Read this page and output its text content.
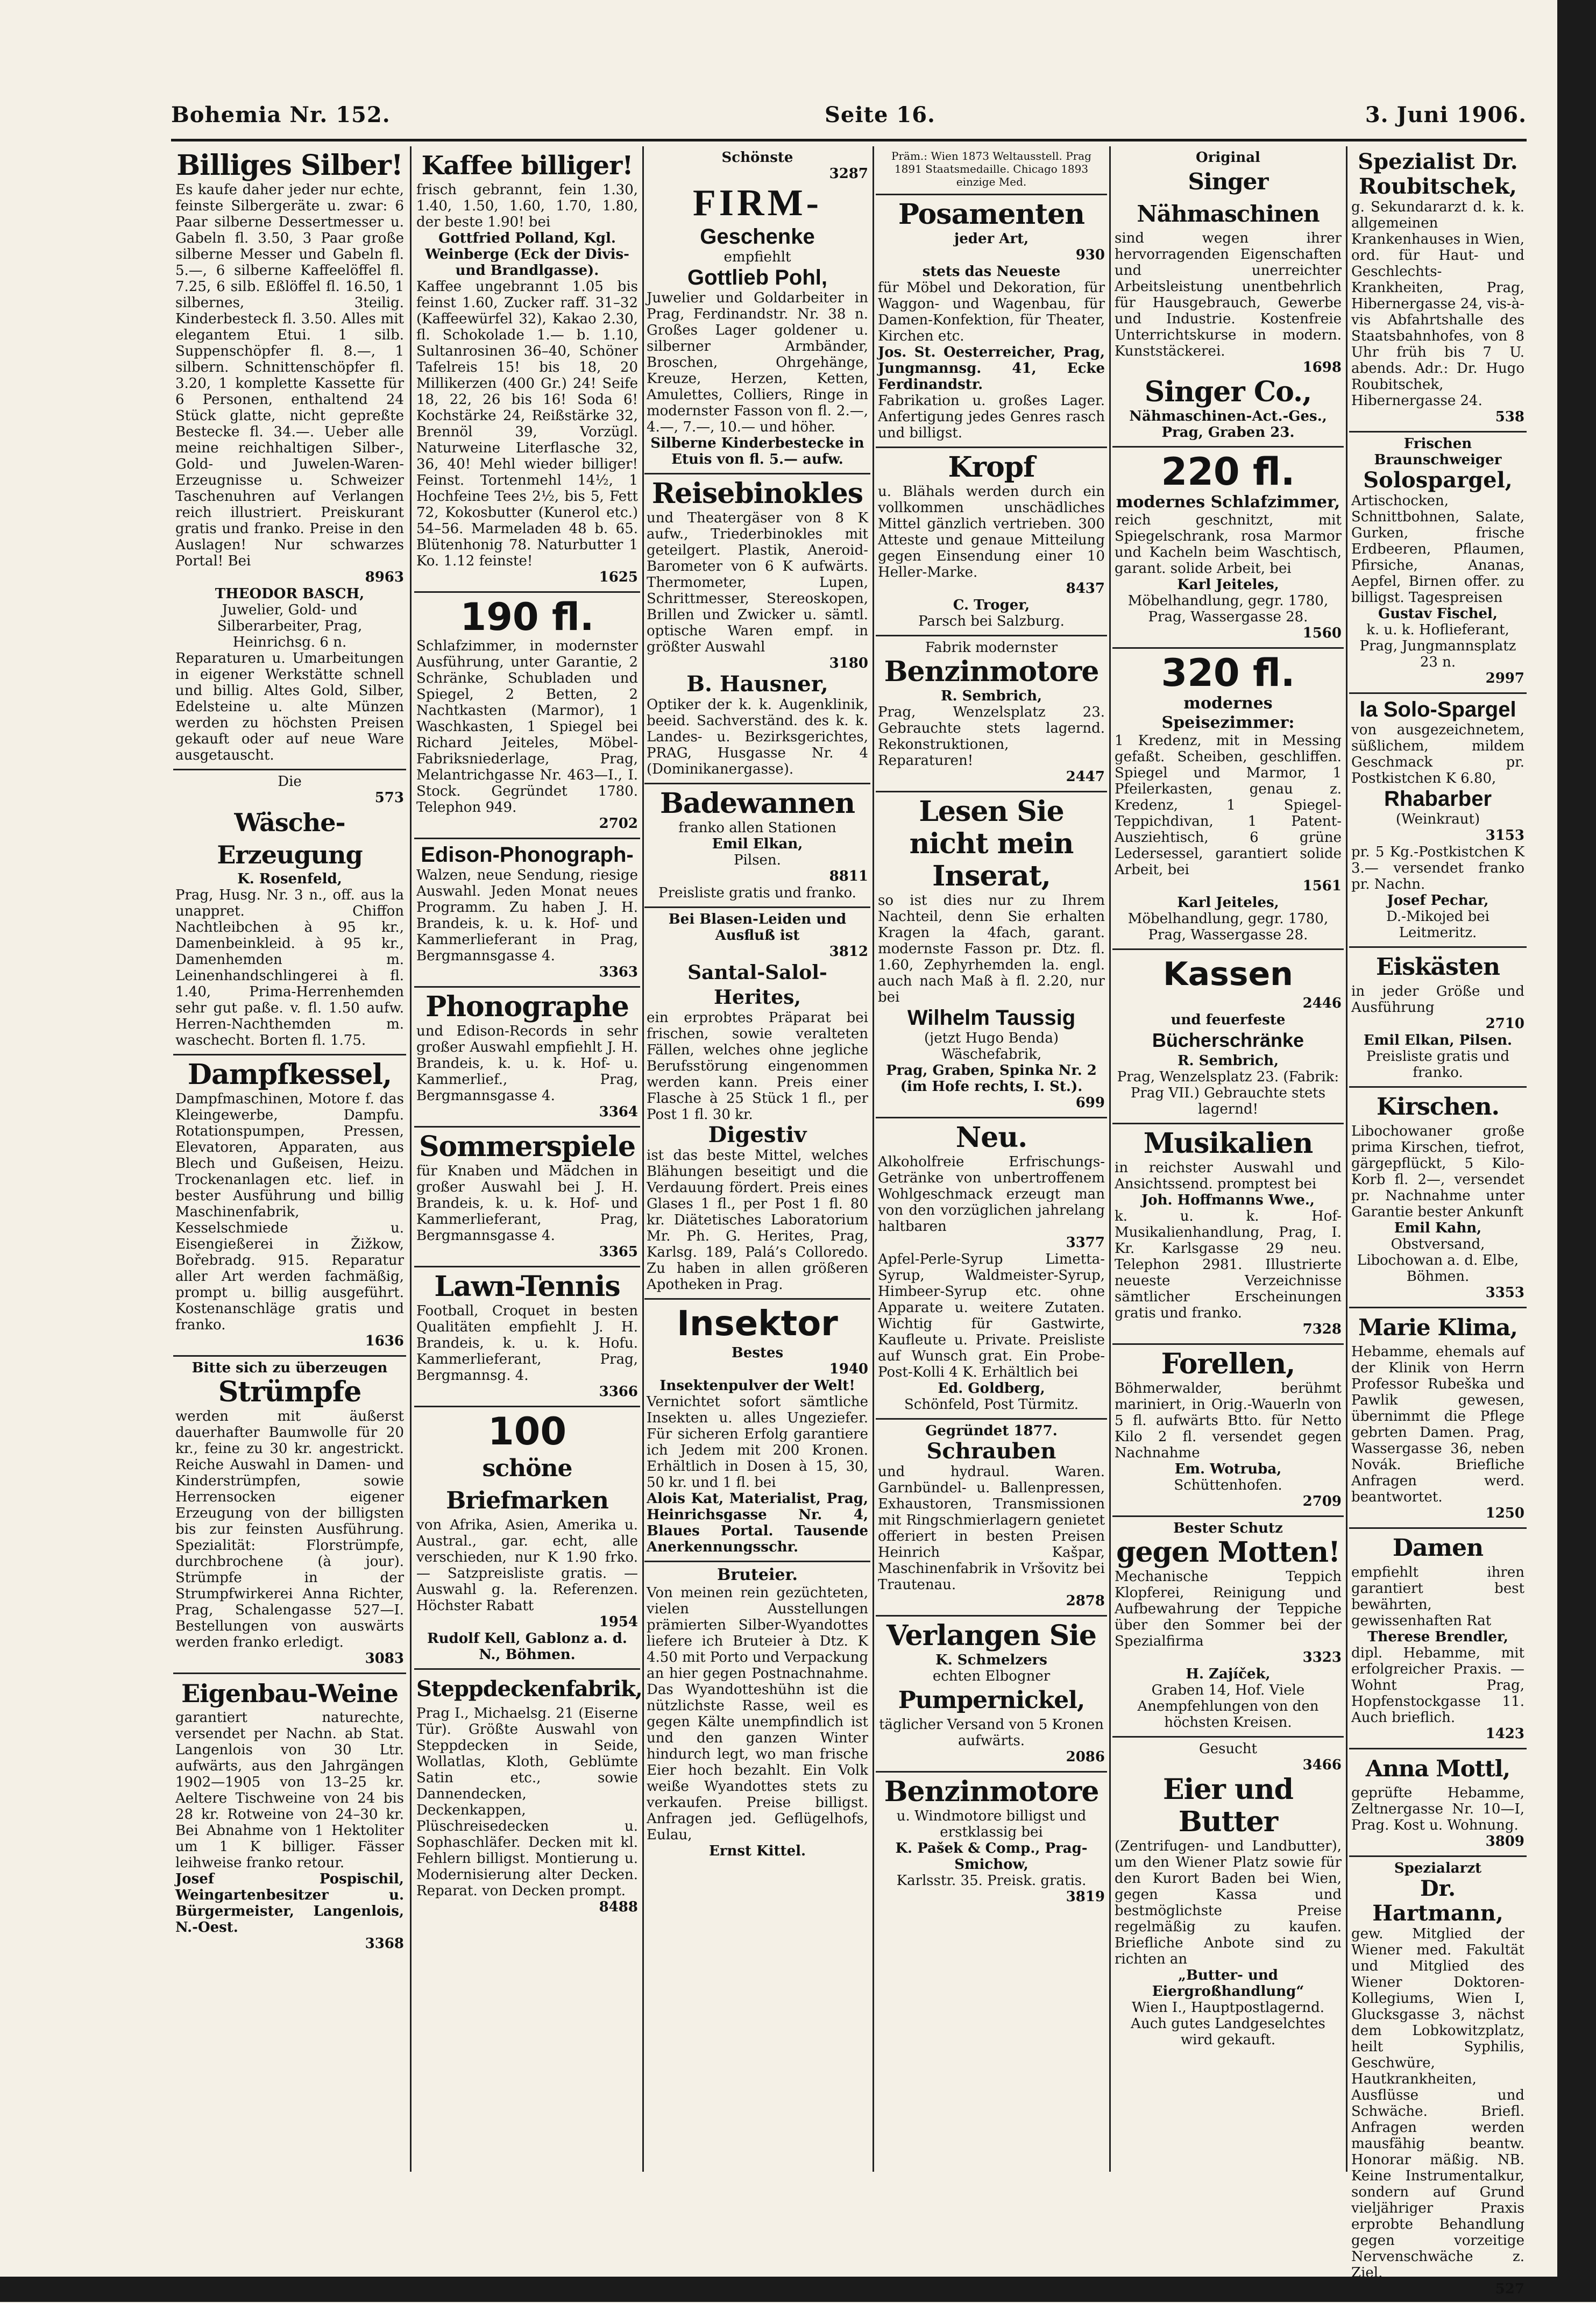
Bohemia Nr. 152.	Seite 16.	3. Juni 1906.
Billiges Silber!
Es kaufe daher jeder nur echte, feinste Silbergeräte u. zwar: 6 Paar silberne Dessertmesser u. Gabeln fl. 3.50, 3 Paar große silberne Messer und Gabeln fl. 5.—, 6 silberne Kaffeelöffel fl. 7.25, 6 silb. Eßlöffel fl. 16.50, 1 silbernes, 3teilig. Kinderbesteck fl. 3.50. Alles mit elegantem Etui. 1 silb. Suppenschöpfer fl. 8.—, 1 silbern. Schnittenschöpfer fl. 3.20, 1 komplette Kassette für 6 Personen, enthaltend 24 Stück glatte, nicht gepreßte Bestecke fl. 34.—. Ueber alle meine reichhaltigen Silber-, Gold- und Juwelen-Waren-Erzeugnisse u. Schweizer Taschenuhren auf Verlangen reich illustriert. Preiskurant gratis und franko. Preise in den Auslagen! Nur schwarzes Portal! Bei
8963
THEODOR BASCH,
Juwelier, Gold- und Silberarbeiter, Prag, Heinrichsg. 6 n.
Reparaturen u. Umarbeitungen in eigener Werkstätte schnell und billig. Altes Gold, Silber, Edelsteine u. alte Münzen werden zu höchsten Preisen gekauft oder auf neue Ware ausgetauscht.
Die
573
Wäsche-Erzeugung
K. Rosenfeld,
Prag, Husg. Nr. 3 n., off. aus la unappret. Chiffon Nachtleibchen à 95 kr., Damenbeinkleid. à 95 kr., Damenhemden m. Leinenhandschlingerei à fl. 1.40, Prima-Herrenhemden sehr gut paße. v. fl. 1.50 aufw. Herren-Nachthemden m. waschecht. Borten fl. 1.75.
Dampfkessel,
Dampfmaschinen, Motore f. das Kleingewerbe, Dampfu. Rotationspumpen, Pressen, Elevatoren, Apparaten, aus Blech und Gußeisen, Heizu. Trockenanlagen etc. lief. in bester Ausführung und billig Maschinenfabrik, Kesselschmiede u. Eisengießerei in Žižkow, Bořebradg. 915. Reparatur aller Art werden fachmäßig, prompt u. billig ausgeführt. Kostenanschläge gratis und franko.
1636
Bitte sich zu überzeugen
Strümpfe
werden mit äußerst dauerhafter Baumwolle für 20 kr., feine zu 30 kr. angestrickt. Reiche Auswahl in Damen- und Kinderstrümpfen, sowie Herrensocken eigener Erzeugung von der billigsten bis zur feinsten Ausführung. Spezialität: Florstrümpfe, durchbrochene (à jour). Strümpfe in der Strumpfwirkerei Anna Richter, Prag, Schalengasse 527—I. Bestellungen von auswärts werden franko erledigt.
3083
Eigenbau-Weine
garantiert naturechte, versendet per Nachn. ab Stat. Langenlois von 30 Ltr. aufwärts, aus den Jahrgängen 1902—1905 von 13–25 kr. Aeltere Tischweine von 24 bis 28 kr. Rotweine von 24–30 kr. Bei Abnahme von 1 Hektoliter um 1 K billiger. Fässer leihweise franko retour.
Josef Pospischil, Weingartenbesitzer u. Bürgermeister, Langenlois, N.-Oest.
3368
Kaffee billiger!
frisch gebrannt, fein 1.30, 1.40, 1.50, 1.60, 1.70, 1.80, der beste 1.90! bei
Gottfried Polland, Kgl. Weinberge (Eck der Divis- und Brandlgasse).
Kaffee ungebrannt 1.05 bis feinst 1.60, Zucker raff. 31–32 (Kaffeewürfel 32), Kakao 2.30, fl. Schokolade 1.— b. 1.10, Sultanrosinen 36–40, Schöner Tafelreis 15! bis 18, 20 Millikerzen (400 Gr.) 24! Seife 18, 22, 26 bis 16! Soda 6! Kochstärke 24, Reißstärke 32, Brennöl 39, Vorzügl. Naturweine Literflasche 32, 36, 40! Mehl wieder billiger! Feinst. Tortenmehl 14½, 1 Hochfeine Tees 2½, bis 5, Fett 72, Kokosbutter (Kunerol etc.) 54–56. Marmeladen 48 b. 65. Blütenhonig 78. Naturbutter 1 Ko. 1.12 feinste!
1625
190 fl.
Schlafzimmer, in modernster Ausführung, unter Garantie, 2 Schränke, Schubladen und Spiegel, 2 Betten, 2 Nachtkasten (Marmor), 1 Waschkasten, 1 Spiegel bei Richard Jeiteles, Möbel-Fabriksniederlage, Prag, Melantrichgasse Nr. 463—I., I. Stock. Gegründet 1780. Telephon 949.
2702
Edison-Phonograph-
Walzen, neue Sendung, riesige Auswahl. Jeden Monat neues Programm. Zu haben J. H. Brandeis, k. u. k. Hof- und Kammerlieferant in Prag, Bergmannsgasse 4.
3363
Phonographe
und Edison-Records in sehr großer Auswahl empfiehlt J. H. Brandeis, k. u. k. Hof- u. Kammerlief., Prag, Bergmannsgasse 4.
3364
Sommerspiele
für Knaben und Mädchen in großer Auswahl bei J. H. Brandeis, k. u. k. Hof- und Kammerlieferant, Prag, Bergmannsgasse 4.
3365
Lawn-Tennis
Football, Croquet in besten Qualitäten empfiehlt J. H. Brandeis, k. u. k. Hofu. Kammerlieferant, Prag, Bergmannsg. 4.
3366
100
schöne Briefmarken
von Afrika, Asien, Amerika u. Austral., gar. echt, alle verschieden, nur K 1.90 frko. — Satzpreisliste gratis. — Auswahl g. la. Referenzen. Höchster Rabatt
1954
Rudolf Kell, Gablonz a. d. N., Böhmen.
Steppdeckenfabrik,
Prag I., Michaelsg. 21 (Eiserne Tür). Größte Auswahl von Steppdecken in Seide, Wollatlas, Kloth, Geblümte Satin etc., sowie Dannendecken, Deckenkappen, Plüschreisedecken u. Sophaschläfer. Decken mit kl. Fehlern billigst. Montierung u. Modernisierung alter Decken. Reparat. von Decken prompt.
8488
Schönste
3287
FIRM-
Geschenke
empfiehlt
Gottlieb Pohl,
Juwelier und Goldarbeiter in Prag, Ferdinandstr. Nr. 38 n. Großes Lager goldener u. silberner Armbänder, Broschen, Ohrgehänge, Kreuze, Herzen, Ketten, Amulettes, Colliers, Ringe in modernster Fasson von fl. 2.—, 4.—, 7.—, 10.— und höher.
Silberne Kinderbestecke in Etuis von fl. 5.— aufw.
Reisebinokles
und Theatergäser von 8 K aufw., Triederbinokles mit geteilgert. Plastik, Aneroid-Barometer von 6 K aufwärts. Thermometer, Lupen, Schrittmesser, Stereoskopen, Brillen und Zwicker u. sämtl. optische Waren empf. in größter Auswahl
3180
B. Hausner,
Optiker der k. k. Augenklinik, beeid. Sachverständ. des k. k. Landes- u. Bezirksgerichtes, PRAG, Husgasse Nr. 4 (Dominikanergasse).
Badewannen
franko allen Stationen
Emil Elkan,
Pilsen.
8811
Preisliste gratis und franko.
Bei Blasen-Leiden und Ausfluß ist
3812
Santal-Salol-Herites,
ein erprobtes Präparat bei frischen, sowie veralteten Fällen, welches ohne jegliche Berufsstörung eingenommen werden kann. Preis einer Flasche à 25 Stück 1 fl., per Post 1 fl. 30 kr.
Digestiv
ist das beste Mittel, welches Blähungen beseitigt und die Verdauung fördert. Preis eines Glases 1 fl., per Post 1 fl. 80 kr. Diätetisches Laboratorium Mr. Ph. G. Herites, Prag, Karlsg. 189, Palá’s Colloredo. Zu haben in allen größeren Apotheken in Prag.
Insektor
Bestes
1940
Insektenpulver der Welt!
Vernichtet sofort sämtliche Insekten u. alles Ungeziefer. Für sicheren Erfolg garantiere ich Jedem mit 200 Kronen. Erhältlich in Dosen à 15, 30, 50 kr. und 1 fl. bei
Alois Kat, Materialist, Prag, Heinrichsgasse Nr. 4, Blaues Portal. Tausende Anerkennungsschr.
Bruteier.
Von meinen rein gezüchteten, vielen Ausstellungen prämierten Silber-Wyandottes liefere ich Bruteier à Dtz. K 4.50 mit Porto und Verpackung an hier gegen Postnachnahme. Das Wyandotteshühn ist die nützlichste Rasse, weil es gegen Kälte unempfindlich ist und den ganzen Winter hindurch legt, wo man frische Eier hoch bezahlt. Ein Volk weiße Wyandottes stets zu verkaufen. Preise billigst. Anfragen jed. Geflügelhofs, Eulau,
Ernst Kittel.
Präm.: Wien 1873 Weltausstell. Prag 1891 Staatsmedaille. Chicago 1893 einzige Med.
Posamenten
jeder Art,
930
stets das Neueste
für Möbel und Dekoration, für Waggon- und Wagenbau, für Damen-Konfektion, für Theater, Kirchen etc.
Jos. St. Oesterreicher, Prag, Jungmannsg. 41, Ecke Ferdinandstr.
Fabrikation u. großes Lager. Anfertigung jedes Genres rasch und billigst.
Kropf
u. Blähals werden durch ein vollkommen unschädliches Mittel gänzlich vertrieben. 300 Atteste und genaue Mitteilung gegen Einsendung einer 10 Heller-Marke.
8437
C. Troger,
Parsch bei Salzburg.
Fabrik modernster
Benzinmotore
R. Sembrich,
Prag, Wenzelsplatz 23. Gebrauchte stets lagernd. Rekonstruktionen, Reparaturen!
2447
Lesen Sie nicht mein Inserat,
so ist dies nur zu Ihrem Nachteil, denn Sie erhalten Kragen la 4fach, garant. modernste Fasson pr. Dtz. fl. 1.60, Zephyrhemden la. engl. auch nach Maß à fl. 2.20, nur bei
Wilhelm Taussig
(jetzt Hugo Benda) Wäschefabrik,
Prag, Graben, Spinka Nr. 2 (im Hofe rechts, I. St.).
699
Neu.
Alkoholfreie Erfrischungs-Getränke von unbertroffenem Wohlgeschmack erzeugt man von den vorzüglichen jahrelang haltbaren
3377
Apfel-Perle-Syrup Limetta-Syrup, Waldmeister-Syrup, Himbeer-Syrup etc. ohne Apparate u. weitere Zutaten. Wichtig für Gastwirte, Kaufleute u. Private. Preisliste auf Wunsch grat. Ein Probe-Post-Kolli 4 K. Erhältlich bei
Ed. Goldberg,
Schönfeld, Post Türmitz.
Gegründet 1877.
Schrauben
und hydraul. Waren. Garnbündel- u. Ballenpressen, Exhaustoren, Transmissionen mit Ringschmierlagern genietet offeriert in besten Preisen Heinrich Kašpar, Maschinenfabrik in Vršovitz bei Trautenau.
2878
Verlangen Sie
K. Schmelzers
echten Elbogner
Pumpernickel,
täglicher Versand von 5 Kronen aufwärts.
2086
Benzinmotore
u. Windmotore billigst und erstklassig bei
K. Pašek & Comp., Prag-Smichow,
Karlsstr. 35. Preisk. gratis.
3819
Original
Singer Nähmaschinen
sind wegen ihrer hervorragenden Eigenschaften und unerreichter Arbeitsleistung unentbehrlich für Hausgebrauch, Gewerbe und Industrie. Kostenfreie Unterrichtskurse in modern. Kunststäckerei.
1698
Singer Co.,
Nähmaschinen-Act.-Ges.,
Prag, Graben 23.
220 fl.
modernes Schlafzimmer,
reich geschnitzt, mit Spiegelschrank, rosa Marmor und Kacheln beim Waschtisch, garant. solide Arbeit, bei
Karl Jeiteles,
Möbelhandlung, gegr. 1780, Prag, Wassergasse 28.
1560
320 fl.
modernes Speisezimmer:
1 Kredenz, mit in Messing gefaßt. Scheiben, geschliffen. Spiegel und Marmor, 1 Pfeilerkasten, genau z. Kredenz, 1 Spiegel-Teppichdivan, 1 Patent-Ausziehtisch, 6 grüne Ledersessel, garantiert solide Arbeit, bei
1561
Karl Jeiteles,
Möbelhandlung, gegr. 1780, Prag, Wassergasse 28.
Kassen
2446
und feuerfeste
Bücherschränke
R. Sembrich,
Prag, Wenzelsplatz 23. (Fabrik: Prag VII.) Gebrauchte stets lagernd!
Musikalien
in reichster Auswahl und Ansichtssend. promptest bei
Joh. Hoffmanns Wwe.,
k. u. k. Hof-Musikalienhandlung, Prag, I. Kr. Karlsgasse 29 neu. Telephon 2981. Illustrierte neueste Verzeichnisse sämtlicher Erscheinungen gratis und franko.
7328
Forellen,
Böhmerwalder, berühmt mariniert, in Orig.-Wauerln von 5 fl. aufwärts Btto. für Netto Kilo 2 fl. versendet gegen Nachnahme
Em. Wotruba,
Schüttenhofen.
2709
Bester Schutz
gegen Motten!
Mechanische Teppich Klopferei, Reinigung und Aufbewahrung der Teppiche über den Sommer bei der Spezialfirma
3323
H. Zajíček,
Graben 14, Hof. Viele Anempfehlungen von den höchsten Kreisen.
Gesucht
3466
Eier und Butter
(Zentrifugen- und Landbutter), um den Wiener Platz sowie für den Kurort Baden bei Wien, gegen Kassa und bestmöglichste Preise regelmäßig zu kaufen. Briefliche Anbote sind zu richten an
„Butter- und Eiergroßhandlung“
Wien I., Hauptpostlagernd. Auch gutes Landgeselchtes wird gekauft.
Spezialist Dr. Roubitschek,
g. Sekundararzt d. k. k. allgemeinen Krankenhauses in Wien, ord. für Haut- und Geschlechts-Krankheiten, Prag, Hibernergasse 24, vis-à-vis Abfahrtshalle des Staatsbahnhofes, von 8 Uhr früh bis 7 U. abends. Adr.: Dr. Hugo Roubitschek, Hibernergasse 24.
538
Frischen Braunschweiger
Solospargel,
Artischocken, Schnittbohnen, Salate, Gurken, frische Erdbeeren, Pflaumen, Pfirsiche, Ananas, Aepfel, Birnen offer. zu billigst. Tagespreisen
Gustav Fischel,
k. u. k. Hoflieferant, Prag, Jungmannsplatz 23 n.
2997
la Solo-Spargel
von ausgezeichnetem, süßlichem, mildem Geschmack pr. Postkistchen K 6.80,
Rhabarber
(Weinkraut)
3153
pr. 5 Kg.-Postkistchen K 3.— versendet franko pr. Nachn.
Josef Pechar,
D.-Mikojed bei Leitmeritz.
Eiskästen
in jeder Größe und Ausführung
2710
Emil Elkan, Pilsen.
Preisliste gratis und franko.
Kirschen.
Libochowaner große prima Kirschen, tiefrot, gärgepflückt, 5 Kilo-Korb fl. 2—, versendet pr. Nachnahme unter Garantie bester Ankunft
Emil Kahn,
Obstversand, Libochowan a. d. Elbe, Böhmen.
3353
Marie Klima,
Hebamme, ehemals auf der Klinik von Herrn Professor Rubeška und Pawlik gewesen, übernimmt die Pflege gebrten Damen. Prag, Wassergasse 36, neben Novák. Briefliche Anfragen werd. beantwortet.
1250
Damen
empfiehlt ihren garantiert best bewährten, gewissenhaften Rat
Therese Brendler,
dipl. Hebamme, mit erfolgreicher Praxis. — Wohnt Prag, Hopfenstockgasse 11. Auch brieflich.
1423
Anna Mottl,
geprüfte Hebamme, Zeltnergasse Nr. 10—I, Prag. Kost u. Wohnung.
3809
Spezialarzt
Dr. Hartmann,
gew. Mitglied der Wiener med. Fakultät und Mitglied des Wiener Doktoren-Kollegiums, Wien I, Glucksgasse 3, nächst dem Lobkowitzplatz, heilt Syphilis, Geschwüre, Hautkrankheiten, Ausflüsse und Schwäche. Briefl. Anfragen werden mausfähig beantw. Honorar mäßig. NB. Keine Instrumentalkur, sondern auf Grund vieljähriger Praxis erprobte Behandlung gegen vorzeitige Nervenschwäche z. Ziel.
527
